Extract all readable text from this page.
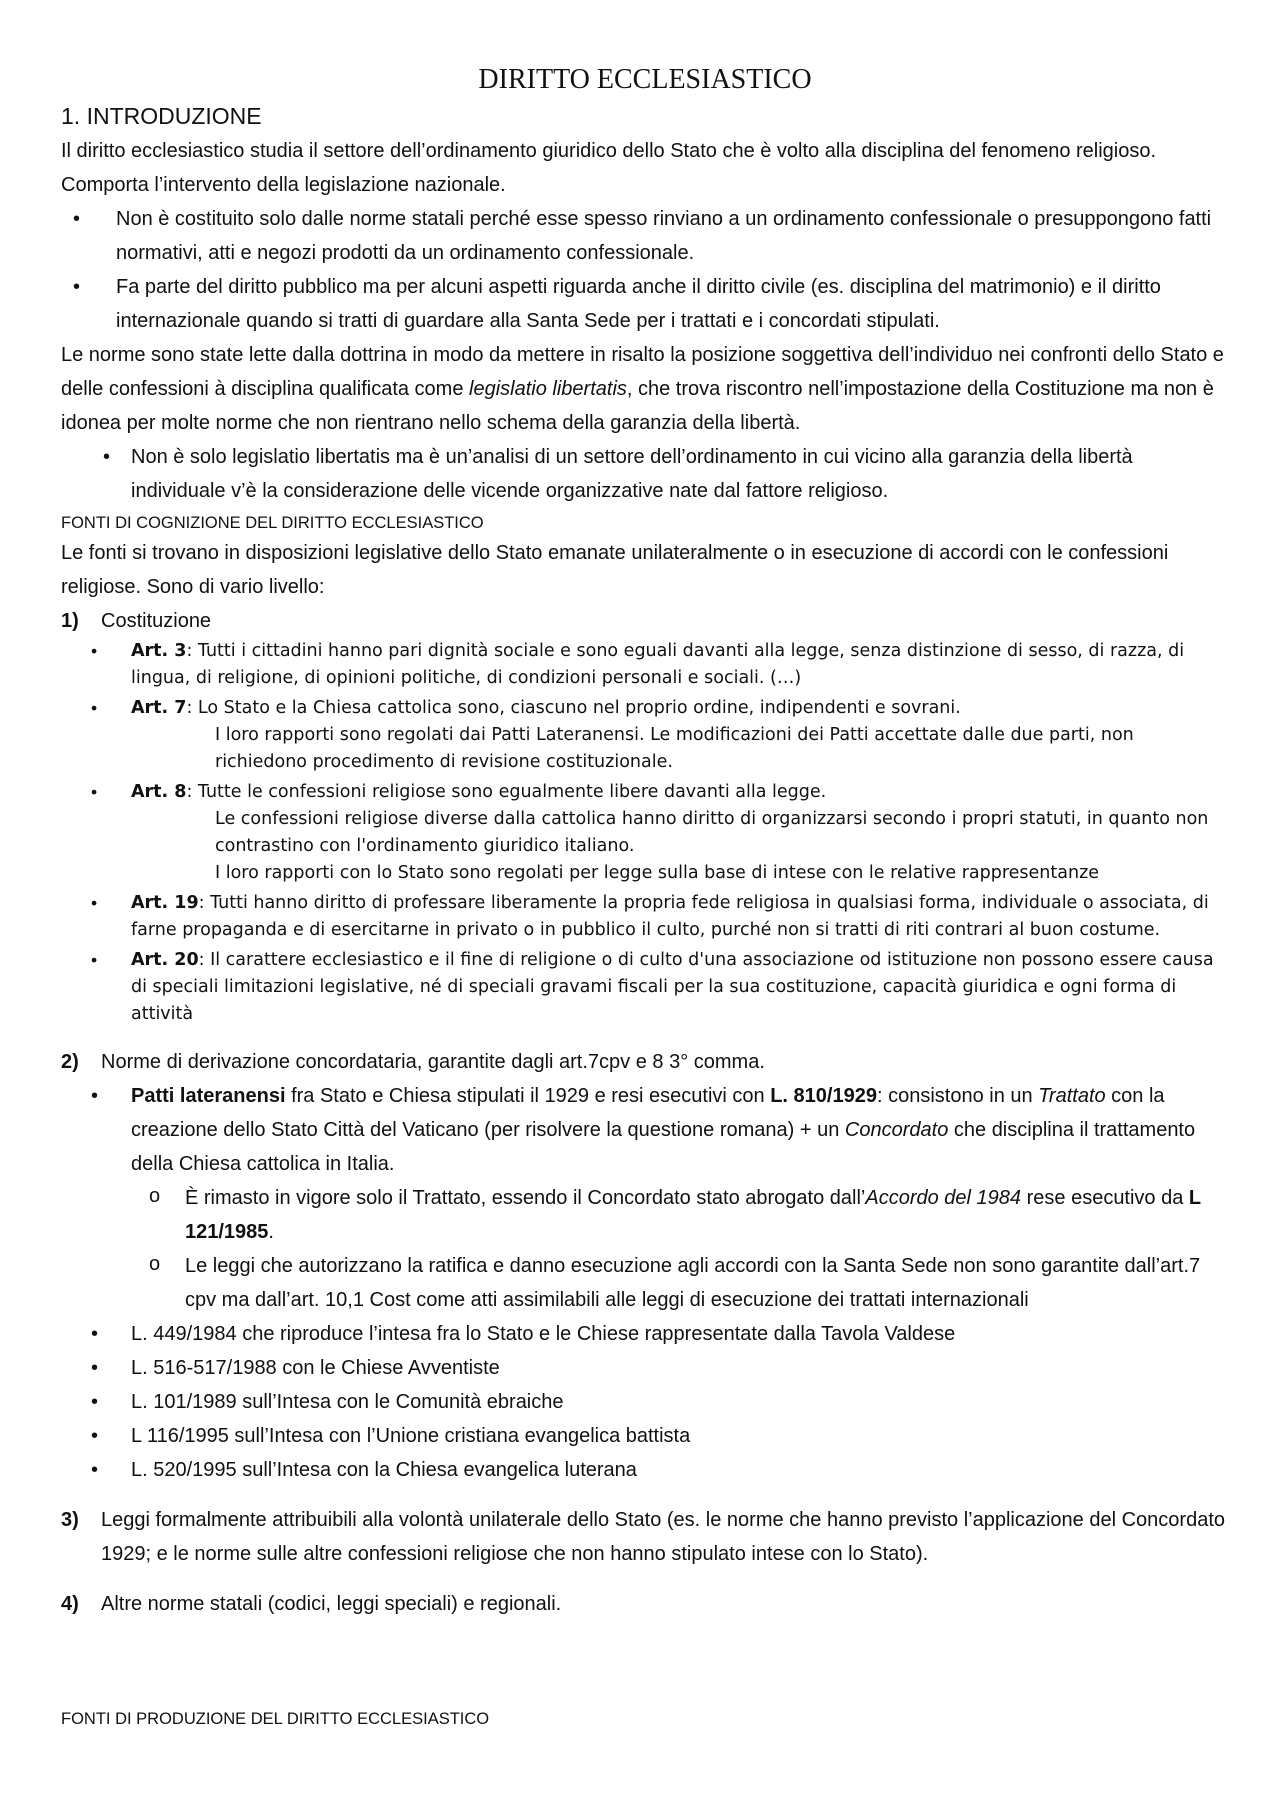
DIRITTO ECCLESIASTICO
1. INTRODUZIONE

Il diritto ecclesiastico studia il settore dell’ordinamento giuridico dello Stato che è volto alla disciplina del fenomeno religioso. Comporta l’intervento della legislazione nazionale.

• Non è costituito solo dalle norme statali perché esse spesso rinviano a un ordinamento confessionale o presuppongono fatti normativi, atti e negozi prodotti da un ordinamento confessionale.
• Fa parte del diritto pubblico ma per alcuni aspetti riguarda anche il diritto civile (es. disciplina del matrimonio) e il diritto internazionale quando si tratti di guardare alla Santa Sede per i trattati e i concordati stipulati.

Le norme sono state lette dalla dottrina in modo da mettere in risalto la posizione soggettiva dell’individuo nei confronti dello Stato e delle confessioni à disciplina qualificata come legislatio libertatis, che trova riscontro nell’impostazione della Costituzione ma non è idonea per molte norme che non rientrano nello schema della garanzia della libertà.

• Non è solo legislatio libertatis ma è un’analisi di un settore dell’ordinamento in cui vicino alla garanzia della libertà individuale v’è la considerazione delle vicende organizzative nate dal fattore religioso.
FONTI DI COGNIZIONE DEL DIRITTO ECCLESIASTICO

Le fonti si trovano in disposizioni legislative dello Stato emanate unilateralmente o in esecuzione di accordi con le confessioni religiose. Sono di vario livello:

1) Costituzione
• Art. 3: Tutti i cittadini hanno pari dignità sociale e sono eguali davanti alla legge, senza distinzione di sesso, di razza, di lingua, di religione, di opinioni politiche, di condizioni personali e sociali. (…)
• Art. 7: Lo Stato e la Chiesa cattolica sono, ciascuno nel proprio ordine, indipendenti e sovrani.
I loro rapporti sono regolati dai Patti Lateranensi. Le modificazioni dei Patti accettate dalle due parti, non richiedono procedimento di revisione costituzionale.
• Art. 8: Tutte le confessioni religiose sono egualmente libere davanti alla legge.
Le confessioni religiose diverse dalla cattolica hanno diritto di organizzarsi secondo i propri statuti, in quanto non contrastino con l'ordinamento giuridico italiano.
I loro rapporti con lo Stato sono regolati per legge sulla base di intese con le relative rappresentanze
• Art. 19: Tutti hanno diritto di professare liberamente la propria fede religiosa in qualsiasi forma, individuale o associata, di farne propaganda e di esercitarne in privato o in pubblico il culto, purché non si tratti di riti contrari al buon costume.
• Art. 20: Il carattere ecclesiastico e il fine di religione o di culto d'una associazione od istituzione non possono essere causa di speciali limitazioni legislative, né di speciali gravami fiscali per la sua costituzione, capacità giuridica e ogni forma di attività
2) Norme di derivazione concordataria, garantite dagli art.7cpv e 8 3° comma.
• Patti lateranensi fra Stato e Chiesa stipulati il 1929 e resi esecutivi con L. 810/1929: consistono in un Trattato con la creazione dello Stato Città del Vaticano (per risolvere la questione romana) + un Concordato che disciplina il trattamento della Chiesa cattolica in Italia.
o È rimasto in vigore solo il Trattato, essendo il Concordato stato abrogato dall’Accordo del 1984 rese esecutivo da L 121/1985.
o Le leggi che autorizzano la ratifica e danno esecuzione agli accordi con la Santa Sede non sono garantite dall’art.7 cpv ma dall’art. 10,1 Cost come atti assimilabili alle leggi di esecuzione dei trattati internazionali
• L. 449/1984 che riproduce l’intesa fra lo Stato e le Chiese rappresentate dalla Tavola Valdese
• L. 516-517/1988 con le Chiese Avventiste
• L. 101/1989 sull’Intesa con le Comunità ebraiche
• L 116/1995 sull’Intesa con l’Unione cristiana evangelica battista
• L. 520/1995 sull’Intesa con la Chiesa evangelica luterana
3) Leggi formalmente attribuibili alla volontà unilaterale dello Stato (es. le norme che hanno previsto l’applicazione del Concordato 1929; e le norme sulle altre confessioni religiose che non hanno stipulato intese con lo Stato).
4) Altre norme statali (codici, leggi speciali) e regionali.
FONTI DI PRODUZIONE DEL DIRITTO ECCLESIASTICO
